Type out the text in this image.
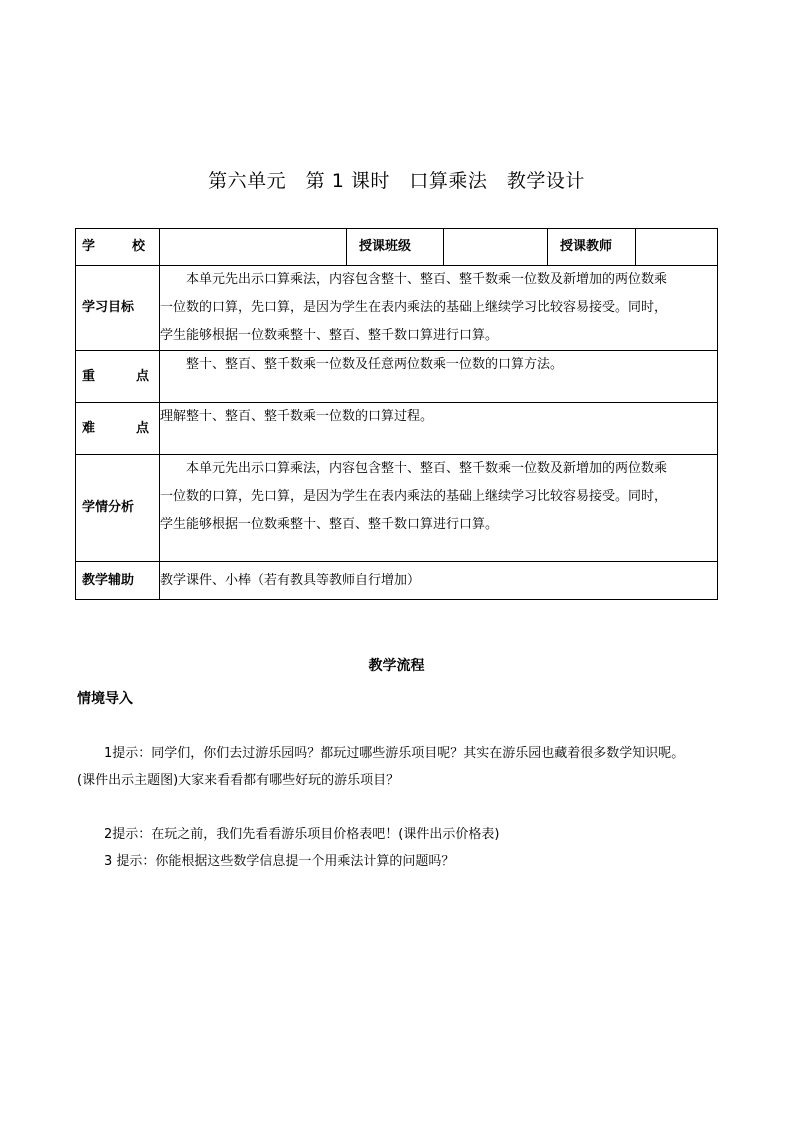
第六单元　第 1 课时　口算乘法　教学设计
学 校		授课班级		授课教师	
学习目标	本单元先出示口算乘法，内容包含整十、整百、整千数乘一位数及新增加的两位数乘
一位数的口算，先口算，是因为学生在表内乘法的基础上继续学习比较容易接受。同时，
学生能够根据一位数乘整十、整百、整千数口算进行口算。				

重 点	整十、整百、整千数乘一位数及任意两位数乘一位数的口算方法。				

难 点	理解整十、整百、整千数乘一位数的口算过程。				

学情分析	本单元先出示口算乘法，内容包含整十、整百、整千数乘一位数及新增加的两位数乘
一位数的口算，先口算，是因为学生在表内乘法的基础上继续学习比较容易接受。同时，
学生能够根据一位数乘整十、整百、整千数口算进行口算。				

教学辅助	教学课件、小棒（若有教具等教师自行增加）				
教学流程
情境导入
1提示：同学们，你们去过游乐园吗？都玩过哪些游乐项目呢？其实在游乐园也藏着很多数学知识呢。
(课件出示主题图)大家来看看都有哪些好玩的游乐项目？
2提示：在玩之前，我们先看看游乐项目价格表吧！(课件出示价格表)
3 提示：你能根据这些数学信息提一个用乘法计算的问题吗？
